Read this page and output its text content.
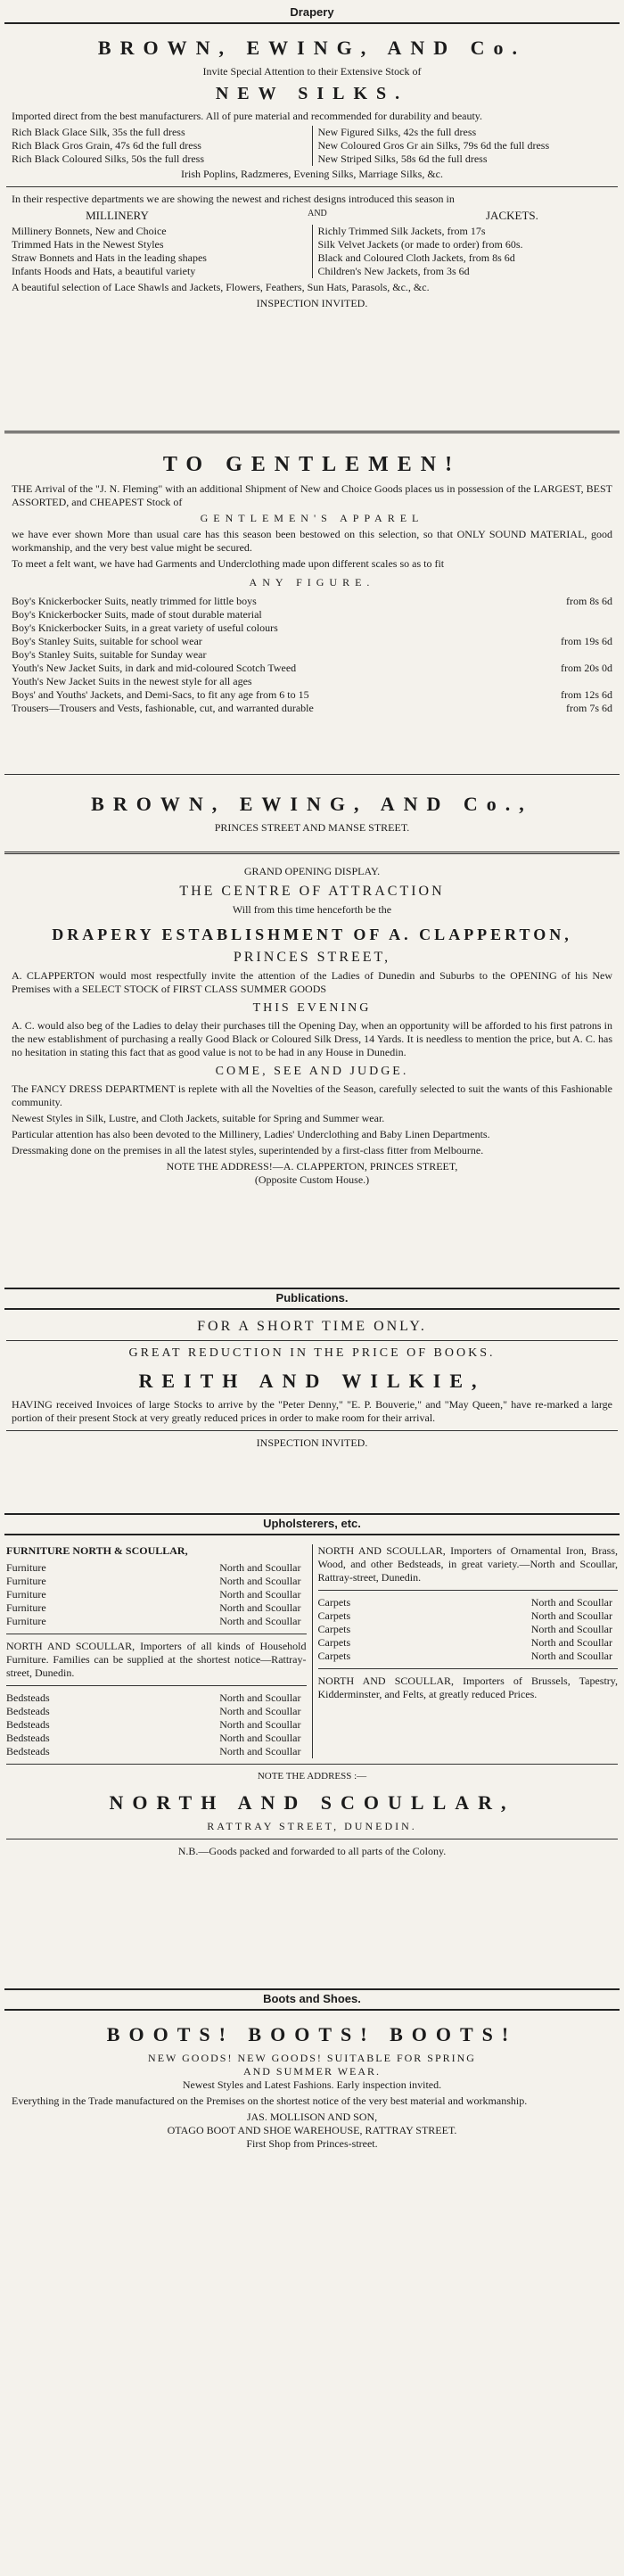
Drapery
BROWN, EWING, AND Co.
Invite Special Attention to their Extensive Stock of
NEW SILKS.
Imported direct from the best manufacturers. All of pure material and recommended for durability and beauty.
Rich Black Glace Silk, 35s the full dress
Rich Black Gros Grain, 47s 6d the full dress
Rich Black Coloured Silks, 50s the full dress
New Figured Silks, 42s the full dress
New Coloured Gros Gr ain Silks, 79s 6d the full dress
New Striped Silks, 58s 6d the full dress
Irish Poplins, Radzmeres, Evening Silks, Marriage Silks, &c.
In their respective departments we are showing the newest and richest designs introduced this season in
MILLINERY	AND	JACKETS.
Millinery Bonnets, New and Choice
Trimmed Hats in the Newest Styles
Straw Bonnets and Hats in the leading shapes
Infants Hoods and Hats, a beautiful variety
Richly Trimmed Silk Jackets, from 17s
Silk Velvet Jackets (or made to order) from 60s.
Black and Coloured Cloth Jackets, from 8s 6d
Children's New Jackets, from 3s 6d
A beautiful selection of Lace Shawls and Jackets, Flowers, Feathers, Sun Hats, Parasols, &c., &c.
INSPECTION INVITED.
TO GENTLEMEN!
THE Arrival of the "J. N. Fleming" with an additional Shipment of New and Choice Goods places us in possession of the LARGEST, BEST ASSORTED, and CHEAPEST Stock of
GENTLEMEN'S APPAREL
we have ever shown More than usual care has this season been bestowed on this selection, so that ONLY SOUND MATERIAL, good workmanship, and the very best value might be secured.
To meet a felt want, we have had Garments and Underclothing made upon different scales so as to fit
ANY FIGURE.
Boy's Knickerbocker Suits, neatly trimmed for little boys	from 8s 6d
Boy's Knickerbocker Suits, made of stout durable material
Boy's Knickerbocker Suits, in a great variety of useful colours
Boy's Stanley Suits, suitable for school wear	from 19s 6d
Boy's Stanley Suits, suitable for Sunday wear
Youth's New Jacket Suits, in dark and mid-coloured Scotch Tweed	from 20s 0d
Youth's New Jacket Suits in the newest style for all ages
Boys' and Youths' Jackets, and Demi-Sacs, to fit any age from 6 to 15	from 12s 6d
Trousers—Trousers and Vests, fashionable, cut, and warranted durable	from 7s 6d
BROWN, EWING, AND Co.,
PRINCES STREET AND MANSE STREET.
GRAND OPENING DISPLAY.
THE CENTRE OF ATTRACTION
Will from this time henceforth be the
DRAPERY ESTABLISHMENT OF A. CLAPPERTON,
PRINCES STREET,
A. CLAPPERTON would most respectfully invite the attention of the Ladies of Dunedin and Suburbs to the OPENING of his New Premises with a SELECT STOCK of FIRST CLASS SUMMER GOODS
THIS EVENING
A. C. would also beg of the Ladies to delay their purchases till the Opening Day, when an opportunity will be afforded to his first patrons in the new establishment of purchasing a really Good Black or Coloured Silk Dress, 14 Yards. It is needless to mention the price, but A. C. has no hesitation in stating this fact that as good value is not to be had in any House in Dunedin.
COME, SEE AND JUDGE.
The FANCY DRESS DEPARTMENT is replete with all the Novelties of the Season, carefully selected to suit the wants of this Fashionable community.
Newest Styles in Silk, Lustre, and Cloth Jackets, suitable for Spring and Summer wear.
Particular attention has also been devoted to the Millinery, Ladies' Underclothing and Baby Linen Departments.
Dressmaking done on the premises in all the latest styles, superintended by a first-class fitter from Melbourne.
NOTE THE ADDRESS!—A. CLAPPERTON, PRINCES STREET,
(Opposite Custom House.)
Publications.
FOR A SHORT TIME ONLY.
GREAT REDUCTION IN THE PRICE OF BOOKS.
REITH AND WILKIE,
HAVING received Invoices of large Stocks to arrive by the "Peter Denny," "E. P. Bouverie," and "May Queen," have re-marked a large portion of their present Stock at very greatly reduced prices in order to make room for their arrival.
INSPECTION INVITED.
Upholsterers, etc.
FURNITURE NORTH & SCOULLAR,
Furniture	North and Scoullar
Furniture	North and Scoullar
Furniture	North and Scoullar
Furniture	North and Scoullar
Furniture	North and Scoullar
NORTH AND SCOULLAR, Importers of all kinds of Household Furniture. Families can be supplied at the shortest notice—Rattray-street, Dunedin.
Bedsteads	North and Scoullar
Bedsteads	North and Scoullar
Bedsteads	North and Scoullar
Bedsteads	North and Scoullar
Bedsteads	North and Scoullar
NORTH AND SCOULLAR, Importers of Ornamental Iron, Brass, Wood, and other Bedsteads, in great variety.—North and Scoullar, Rattray-street, Dunedin.
Carpets	North and Scoullar
Carpets	North and Scoullar
Carpets	North and Scoullar
Carpets	North and Scoullar
Carpets	North and Scoullar
NORTH AND SCOULLAR, Importers of Brussels, Tapestry, Kidderminster, and Felts, at greatly reduced Prices.
NOTE THE ADDRESS :—
NORTH AND SCOULLAR,
RATTRAY STREET, DUNEDIN.
N.B.—Goods packed and forwarded to all parts of the Colony.
Boots and Shoes.
BOOTS! BOOTS! BOOTS!
NEW GOODS! NEW GOODS! SUITABLE FOR SPRING
AND SUMMER WEAR.
Newest Styles and Latest Fashions. Early inspection invited.
Everything in the Trade manufactured on the Premises on the shortest notice of the very best material and workmanship.
JAS. MOLLISON AND SON,
OTAGO BOOT AND SHOE WAREHOUSE, RATTRAY STREET.
First Shop from Princes-street.
